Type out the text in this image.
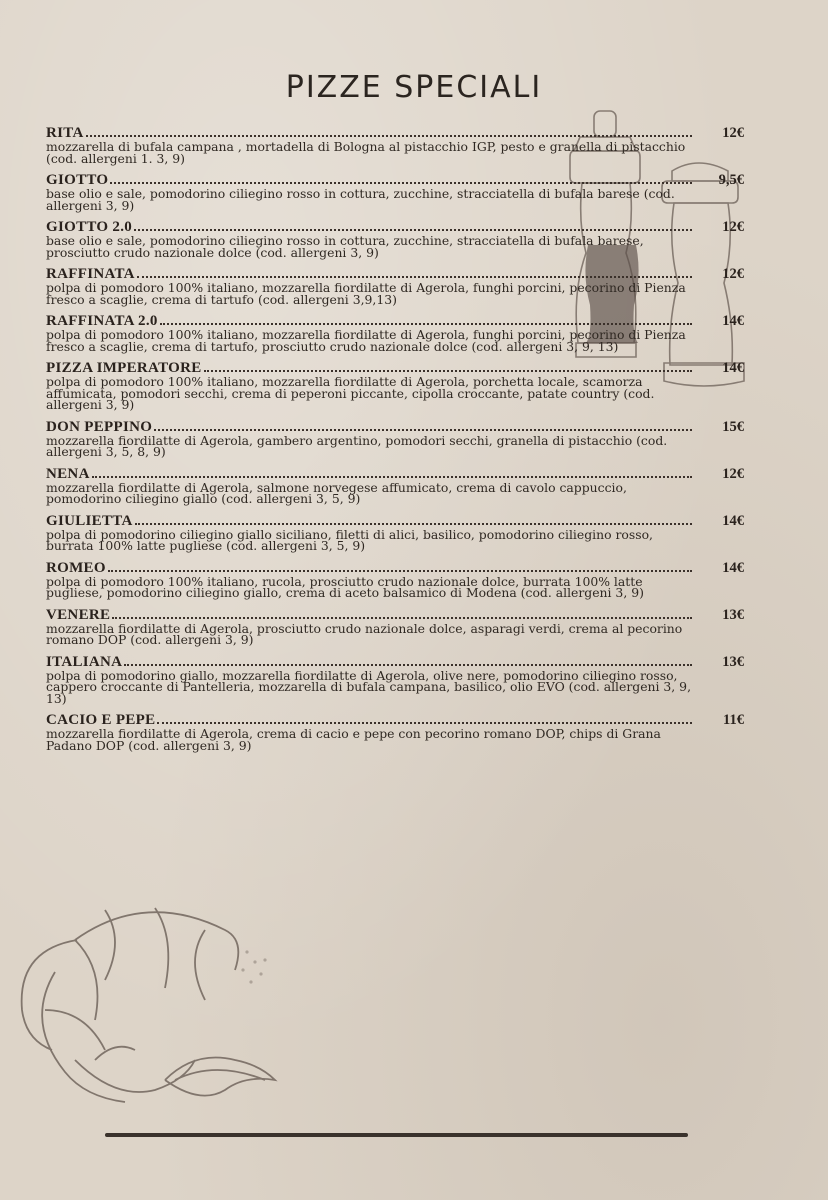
PIZZE SPECIALI
RITA	12€
mozzarella di bufala campana , mortadella di Bologna al pistacchio IGP, pesto e granella di pistacchio (cod. allergeni 1. 3, 9)
GIOTTO	9,5€
base olio e sale, pomodorino ciliegino rosso in cottura, zucchine, stracciatella di bufala barese (cod. allergeni 3, 9)
GIOTTO 2.0	12€
base olio e sale, pomodorino ciliegino rosso in cottura, zucchine, stracciatella di bufala barese, prosciutto crudo nazionale dolce (cod. allergeni 3, 9)
RAFFINATA	12€
polpa di pomodoro 100% italiano, mozzarella fiordilatte di Agerola, funghi porcini, pecorino di Pienza fresco a scaglie, crema di tartufo (cod. allergeni 3,9,13)
RAFFINATA 2.0	14€
polpa di pomodoro 100% italiano, mozzarella fiordilatte di Agerola, funghi porcini, pecorino di Pienza fresco a scaglie, crema di tartufo, prosciutto crudo nazionale dolce (cod. allergeni 3, 9, 13)
PIZZA IMPERATORE	14€
polpa di pomodoro 100% italiano, mozzarella fiordilatte di Agerola, porchetta locale, scamorza affumicata, pomodori secchi, crema di peperoni piccante, cipolla croccante, patate country (cod. allergeni 3, 9)
DON PEPPINO	15€
mozzarella fiordilatte di Agerola, gambero argentino, pomodori secchi, granella di pistacchio (cod. allergeni 3, 5, 8, 9)
NENA	12€
mozzarella fiordilatte di Agerola, salmone norvegese affumicato, crema di cavolo cappuccio, pomodorino ciliegino giallo (cod. allergeni 3, 5, 9)
GIULIETTA	14€
polpa di pomodorino ciliegino giallo siciliano, filetti di alici, basilico, pomodorino ciliegino rosso, burrata 100% latte pugliese (cod. allergeni 3, 5, 9)
ROMEO	14€
polpa di pomodoro 100% italiano, rucola, prosciutto crudo nazionale dolce, burrata 100% latte pugliese, pomodorino ciliegino giallo, crema di aceto balsamico di Modena (cod. allergeni 3, 9)
VENERE	13€
mozzarella fiordilatte di Agerola, prosciutto crudo nazionale dolce, asparagi verdi, crema al pecorino romano DOP (cod. allergeni 3, 9)
ITALIANA	13€
polpa di pomodorino giallo, mozzarella fiordilatte di Agerola, olive nere, pomodorino ciliegino rosso, cappero croccante di Pantelleria, mozzarella di bufala campana, basilico, olio EVO (cod. allergeni 3, 9, 13)
CACIO E PEPE	11€
mozzarella fiordilatte di Agerola, crema di cacio e pepe con pecorino romano DOP, chips di Grana Padano DOP (cod. allergeni 3, 9)
